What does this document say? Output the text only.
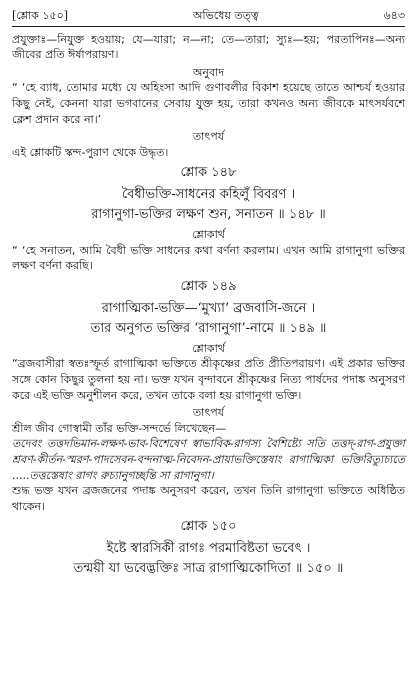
[শ্লোক ১৫০]	অভিধেয় তত্ত্ব	৬৪৩

প্রযুক্তাঃ—নিযুক্ত হওয়ায়; যে—যারা; ন—না; তে—তারা; স্যুঃ—হয়; পরতাপিনঃ—অন্য জীবের প্রতি ঈর্ষাপরায়ণ।

অনুবাদ

“ ‘হে ব্যাধ, তোমার মধ্যে যে অহিংসা আদি গুণাবলীর বিকাশ হয়েছে তাতে আশ্চর্য হওয়ার কিছু নেই, কেননা যারা ভগবানের সেবায় যুক্ত হয়, তারা কখনও অন্য জীবকে মাৎসর্যবশে ক্লেশ প্রদান করে না।’

তাৎপর্য

এই শ্লোকটি স্কন্দ-পুরাণ থেকে উদ্ধৃত।

শ্লোক ১৪৮

বৈধীভক্তি-সাধনের কহিলুঁ বিবরণ ।

রাগানুগা-ভক্তির লক্ষণ শুন, সনাতন ॥ ১৪৮ ॥

শ্লোকার্থ

“ ‘হে সনাতন, আমি বৈধী ভক্তি সাধনের কথা বর্ণনা করলাম। এখন আমি রাগানুগা ভক্তির লক্ষণ বর্ণনা করছি।

শ্লোক ১৪৯

রাগাত্মিকা-ভক্তি—‘মুখ্যা’ ব্রজবাসি-জনে ।

তার অনুগত ভক্তির ‘রাগানুগা’-নামে ॥ ১৪৯ ॥

শ্লোকার্থ

“ব্রজবাসীরা স্বতঃস্ফূর্ত রাগাত্মিকা ভক্তিতে শ্রীকৃষ্ণের প্রতি প্রীতিপরায়ণ। এই প্রকার ভক্তির সঙ্গে কোন কিছুর তুলনা হয় না। ভক্ত যখন বৃন্দাবনে শ্রীকৃষ্ণের নিত্য পার্ষদের পদাঙ্ক অনুসরণ করে এই ভক্তি অনুশীলন করে, তখন তাকে বলা হয় রাগানুগা ভক্তি।

তাৎপর্য

শ্রীল জীব গোস্বামী তাঁর ভক্তি-সন্দর্ভে লিখেছেন—

তদেবং তত্তদভিমান-লক্ষণ-ভাব-বিশেষেণ স্বাভাবিক-রাগস্য বৈশিষ্ট্যে সতি তত্তদ্-রাগ-প্রযুক্তা শ্রবণ-কীর্তন-স্মরণ-পাদসেবন-বন্দনাত্ম-নিবেদন-প্রায়াভক্তিস্তেষাং রাগাত্মিকা ভক্তিরিত্যুচ্যতে .....তত্তস্তেষাং রাগং রুচ্যানুগচ্ছন্তি সা রাগানুগা।

শুদ্ধ ভক্ত যখন ব্রজজনের পদাঙ্ক অনুসরণ করেন, তখন তিনি রাগানুগা ভক্তিতে অধিষ্ঠিত থাকেন।

শ্লোক ১৫০

ইষ্টে স্বারসিকী রাগঃ পরমাবিষ্টতা ভবেৎ ।

তন্ময়ী যা ভবেদ্ভক্তিঃ সাত্র রাগাত্মিকোদিতা ॥ ১৫০ ॥
